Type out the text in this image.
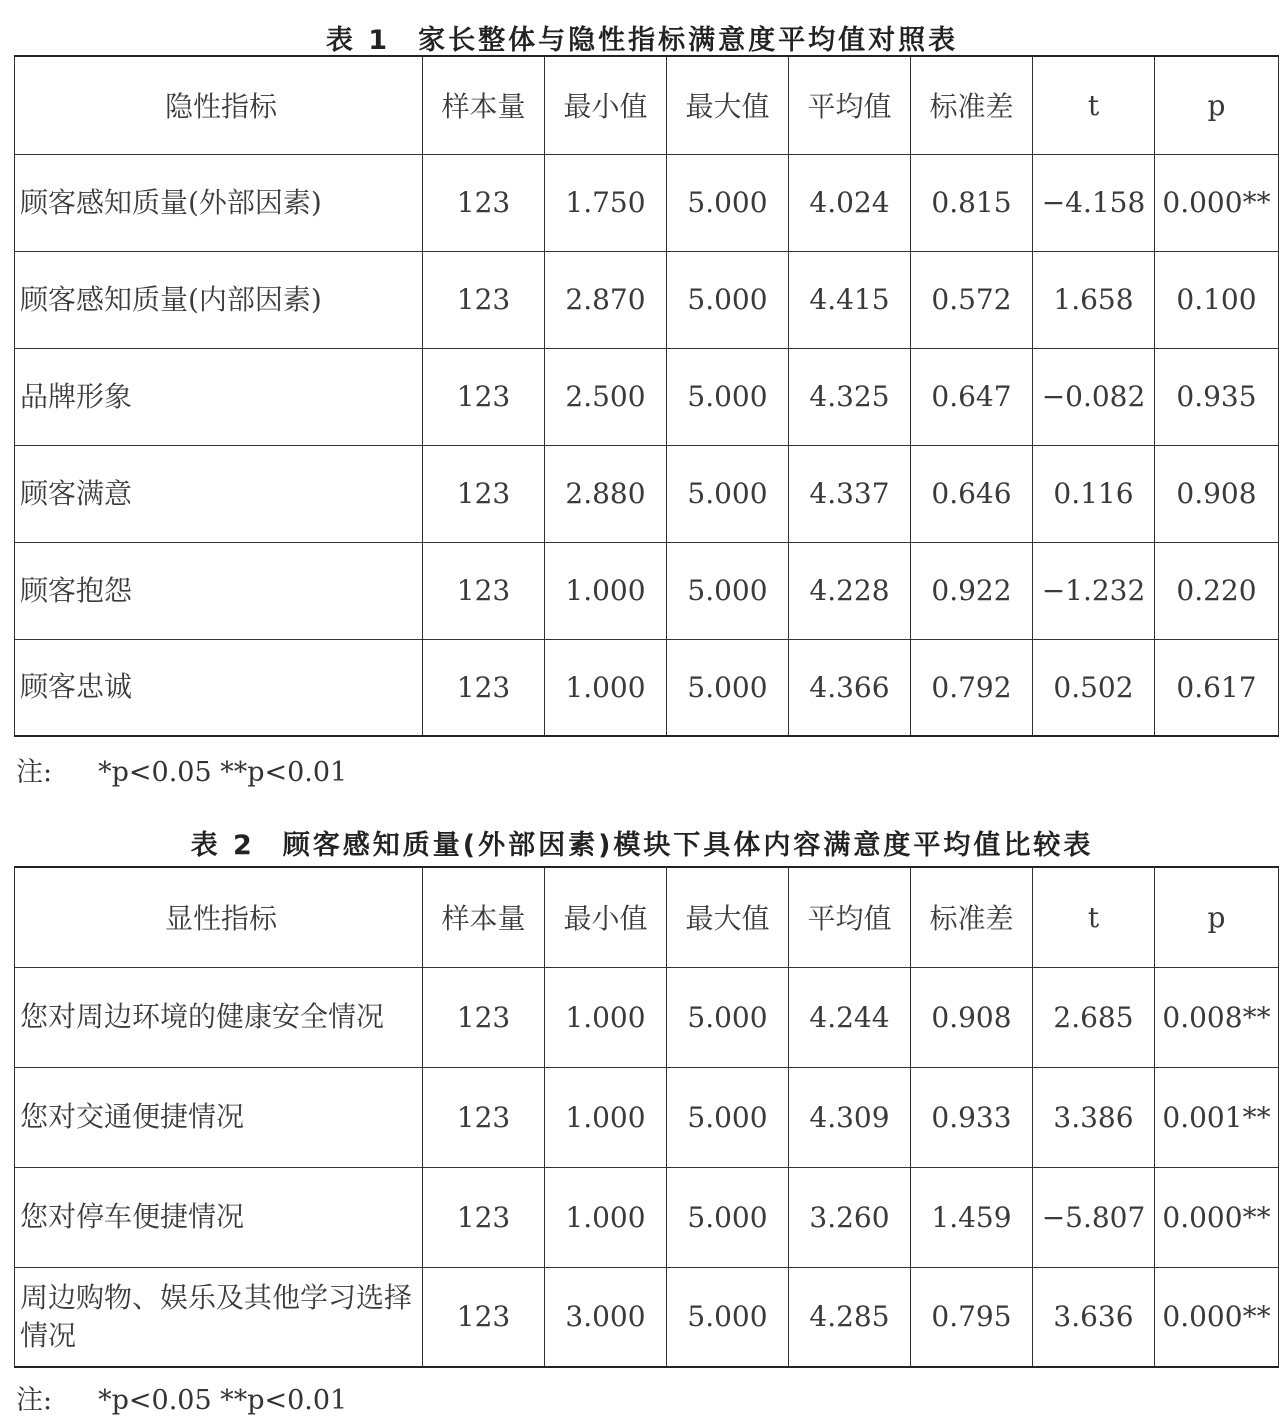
表 1 家长整体与隐性指标满意度平均值对照表
隐性指标	样本量	最小值	最大值	平均值	标准差	t	p
顾客感知质量(外部因素)	123	1.750	5.000	4.024	0.815	−4.158	0.000**
顾客感知质量(内部因素)	123	2.870	5.000	4.415	0.572	1.658	0.100
品牌形象	123	2.500	5.000	4.325	0.647	−0.082	0.935
顾客满意	123	2.880	5.000	4.337	0.646	0.116	0.908
顾客抱怨	123	1.000	5.000	4.228	0.922	−1.232	0.220
顾客忠诚	123	1.000	5.000	4.366	0.792	0.502	0.617
注: *p<0.05 **p<0.01
表 2 顾客感知质量(外部因素)模块下具体内容满意度平均值比较表
显性指标	样本量	最小值	最大值	平均值	标准差	t	p
您对周边环境的健康安全情况	123	1.000	5.000	4.244	0.908	2.685	0.008**
您对交通便捷情况	123	1.000	5.000	4.309	0.933	3.386	0.001**
您对停车便捷情况	123	1.000	5.000	3.260	1.459	−5.807	0.000**
周边购物、娱乐及其他学习选择情况	123	3.000	5.000	4.285	0.795	3.636	0.000**
注: *p<0.05 **p<0.01
